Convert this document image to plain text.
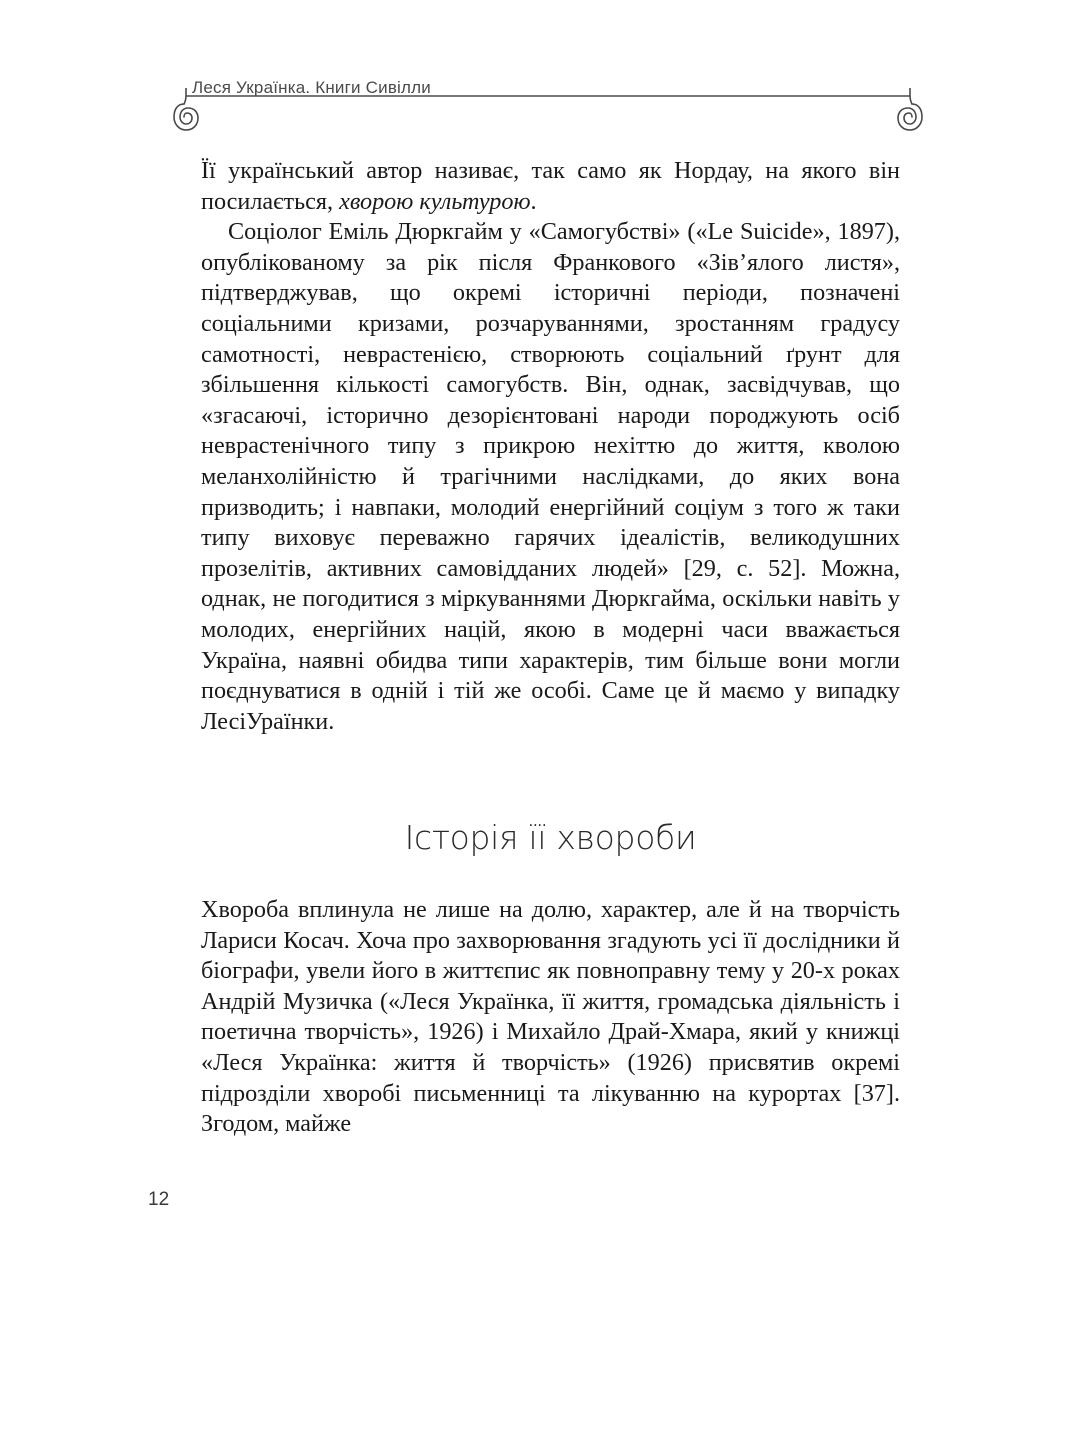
Леся Українка. Книги Сивілли

Її український автор називає, так само як Нордау, на якого він посилається, хворою культурою.

Соціолог Еміль Дюркгайм у «Самогубстві» («Le Suicide», 1897), опублікованому за рік після Франкового «Зів’ялого листя», підтверджував, що окремі історичні періоди, позначені соціальними кризами, розчаруваннями, зростанням градусу самотності, неврастенією, створюють соціальний ґрунт для збільшення кількості самогубств. Він, однак, засвідчував, що «згасаючі, історично дезорієнтовані народи породжують осіб неврастенічного типу з прикрою нехіттю до життя, кволою меланхолійністю й трагічними наслідками, до яких вона призводить; і навпаки, молодий енергійний соціум з того ж таки типу виховує переважно гарячих ідеалістів, великодушних прозелітів, активних самовідданих людей» [29, с. 52]. Можна, однак, не погодитися з міркуваннями Дюркгайма, оскільки навіть у молодих, енергійних націй, якою в модерні часи вважається Україна, наявні обидва типи характерів, тим більше вони могли поєднуватися в одній і тій же особі. Саме це й маємо у випадку ЛесіУраїнки.

Історія її хвороби

Хвороба вплинула не лише на долю, характер, але й на творчість Лариси Косач. Хоча про захворювання згадують усі її дослідники й біографи, увели його в життєпис як повноправну тему у 20-х роках Андрій Музичка («Леся Українка, її життя, громадська діяльність і поетична творчість», 1926) і Михайло Драй-Хмара, який у книжці «Леся Українка: життя й творчість» (1926) присвятив окремі підрозділи хворобі письменниці та лікуванню на курортах [37]. Згодом, майже

12
